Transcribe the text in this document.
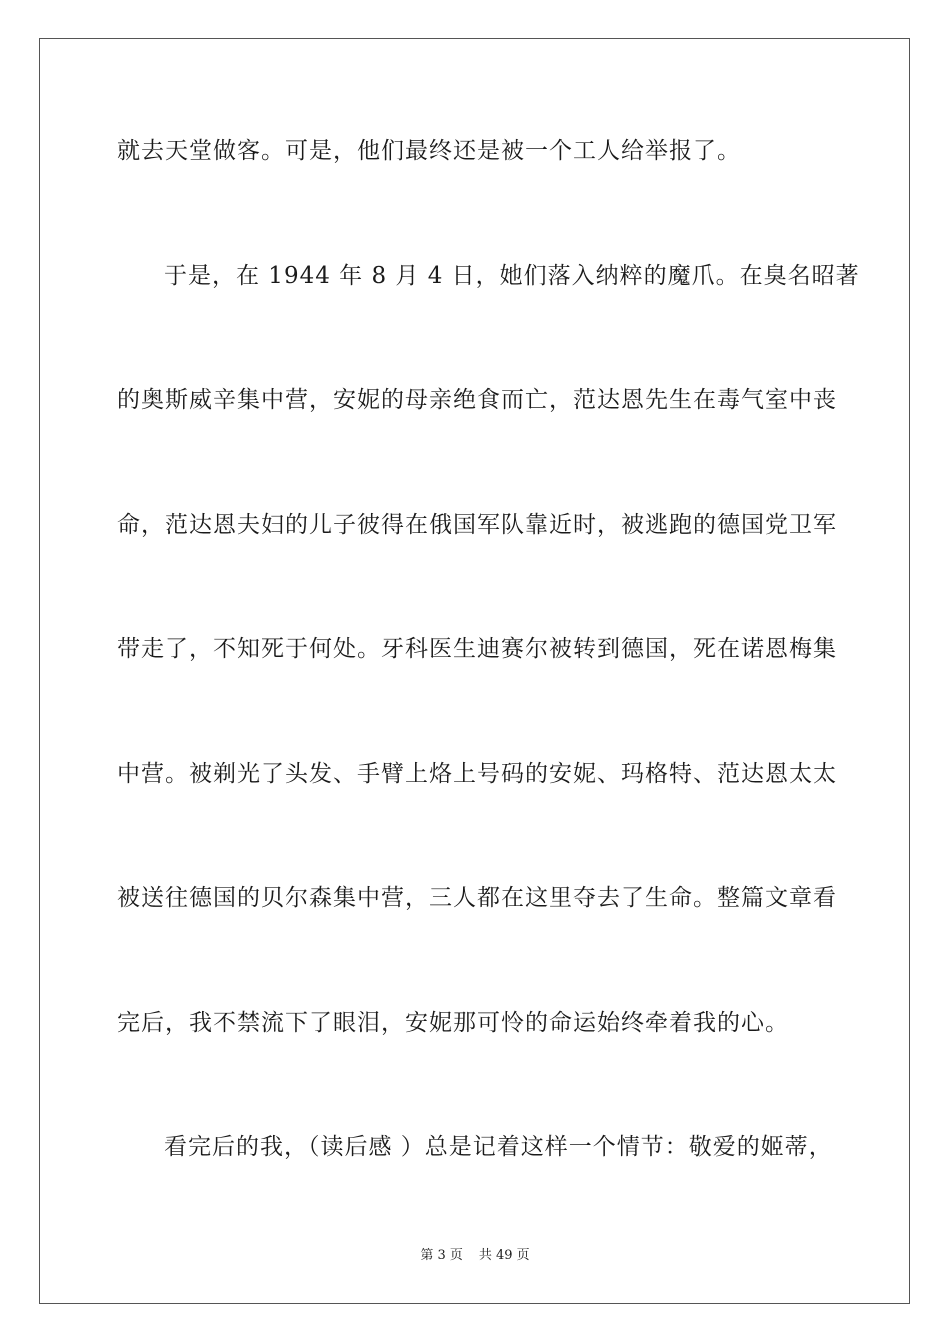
就去天堂做客。可是，他们最终还是被一个工人给举报了。
于是，在 1944 年 8 月 4 日，她们落入纳粹的魔爪。在臭名昭著
的奥斯威辛集中营，安妮的母亲绝食而亡，范达恩先生在毒气室中丧
命，范达恩夫妇的儿子彼得在俄国军队靠近时，被逃跑的德国党卫军
带走了，不知死于何处。牙科医生迪赛尔被转到德国，死在诺恩梅集
中营。被剃光了头发、手臂上烙上号码的安妮、玛格特、范达恩太太
被送往德国的贝尔森集中营，三人都在这里夺去了生命。整篇文章看
完后，我不禁流下了眼泪，安妮那可怜的命运始终牵着我的心。
看完后的我，（读后感 ）总是记着这样一个情节：敬爱的姬蒂，
第 3 页 共 49 页
